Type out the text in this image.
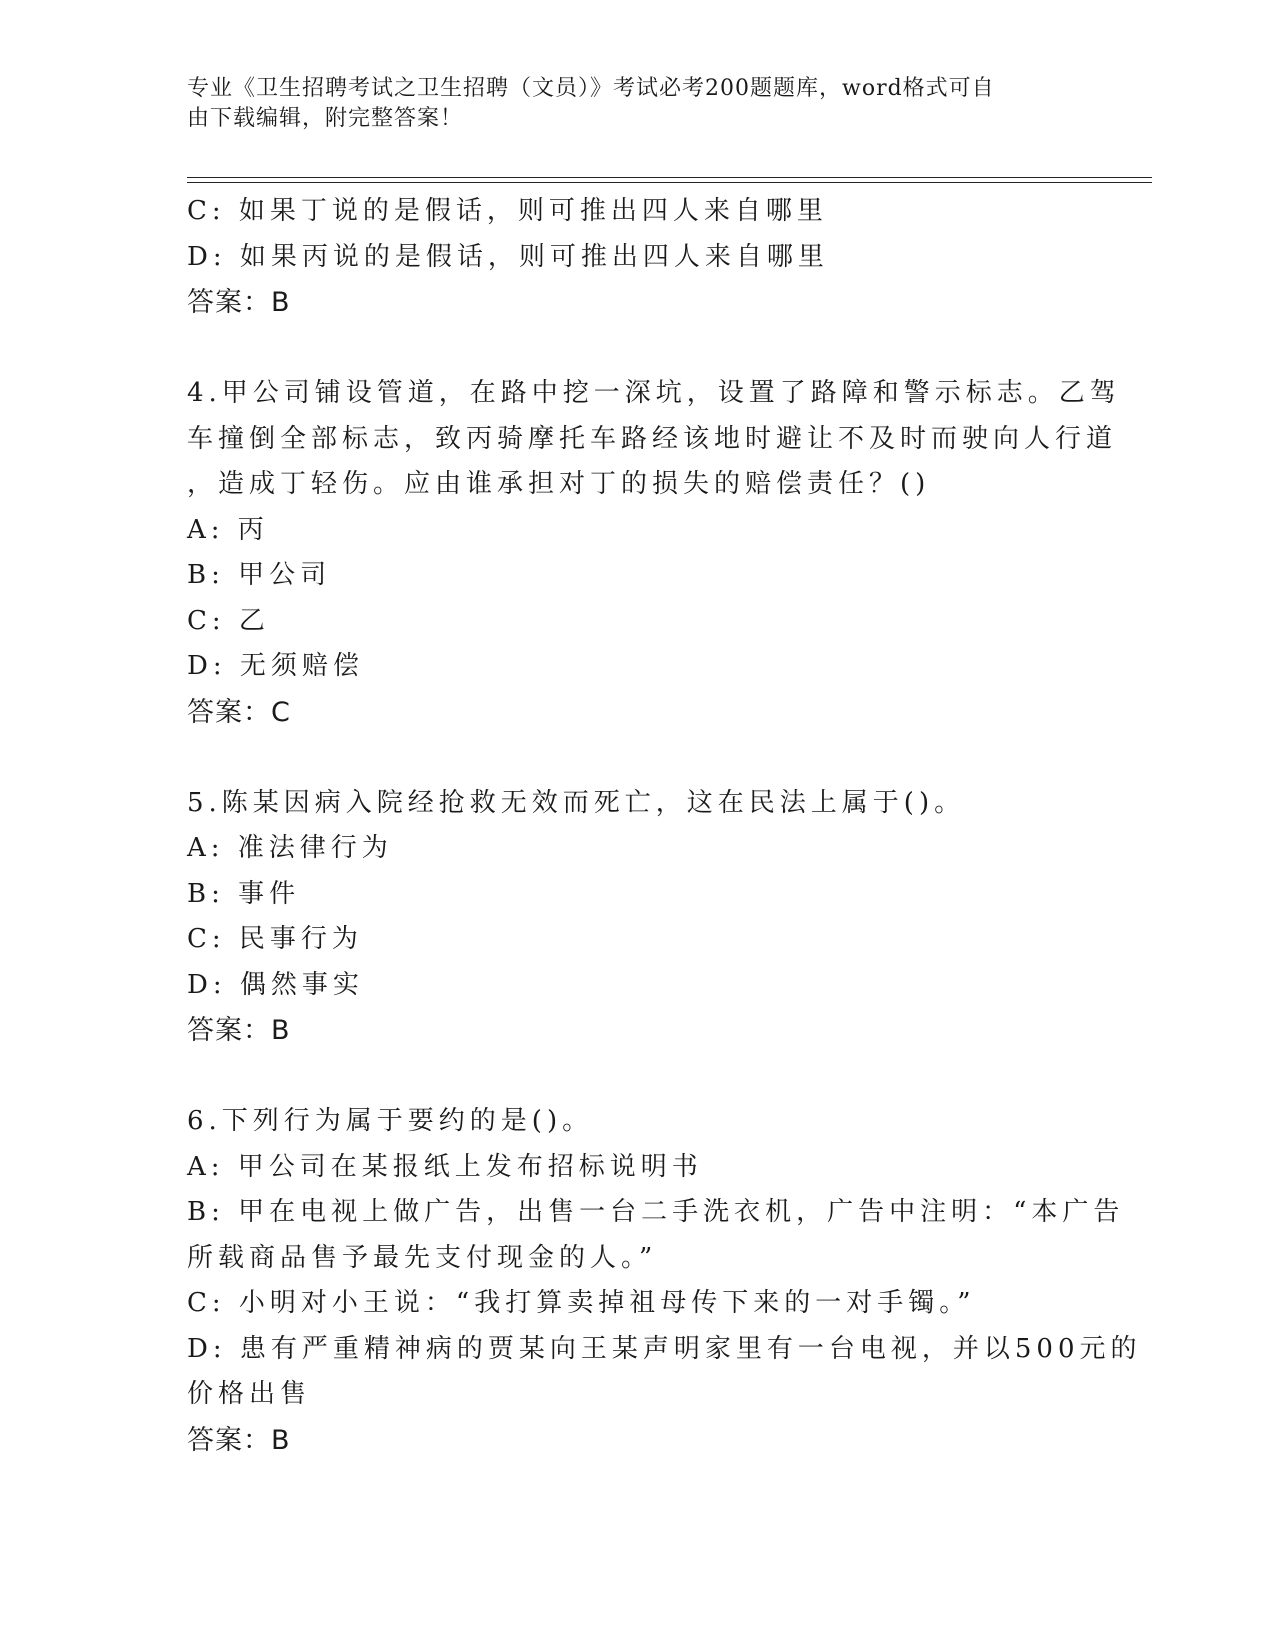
专业《卫生招聘考试之卫生招聘（文员）》考试必考200题题库，word格式可自
由下载编辑，附完整答案！
C: 如果丁说的是假话，则可推出四人来自哪里
D: 如果丙说的是假话，则可推出四人来自哪里
答案：B
4.甲公司铺设管道，在路中挖一深坑，设置了路障和警示标志。乙驾
车撞倒全部标志，致丙骑摩托车路经该地时避让不及时而驶向人行道
，造成丁轻伤。应由谁承担对丁的损失的赔偿责任？()
A: 丙
B: 甲公司
C: 乙
D: 无须赔偿
答案：C
5.陈某因病入院经抢救无效而死亡，这在民法上属于()。
A: 准法律行为
B: 事件
C: 民事行为
D: 偶然事实
答案：B
6.下列行为属于要约的是()。
A: 甲公司在某报纸上发布招标说明书
B: 甲在电视上做广告，出售一台二手洗衣机，广告中注明：“本广告
所载商品售予最先支付现金的人。”
C: 小明对小王说：“我打算卖掉祖母传下来的一对手镯。”
D: 患有严重精神病的贾某向王某声明家里有一台电视，并以500元的
价格出售
答案：B
